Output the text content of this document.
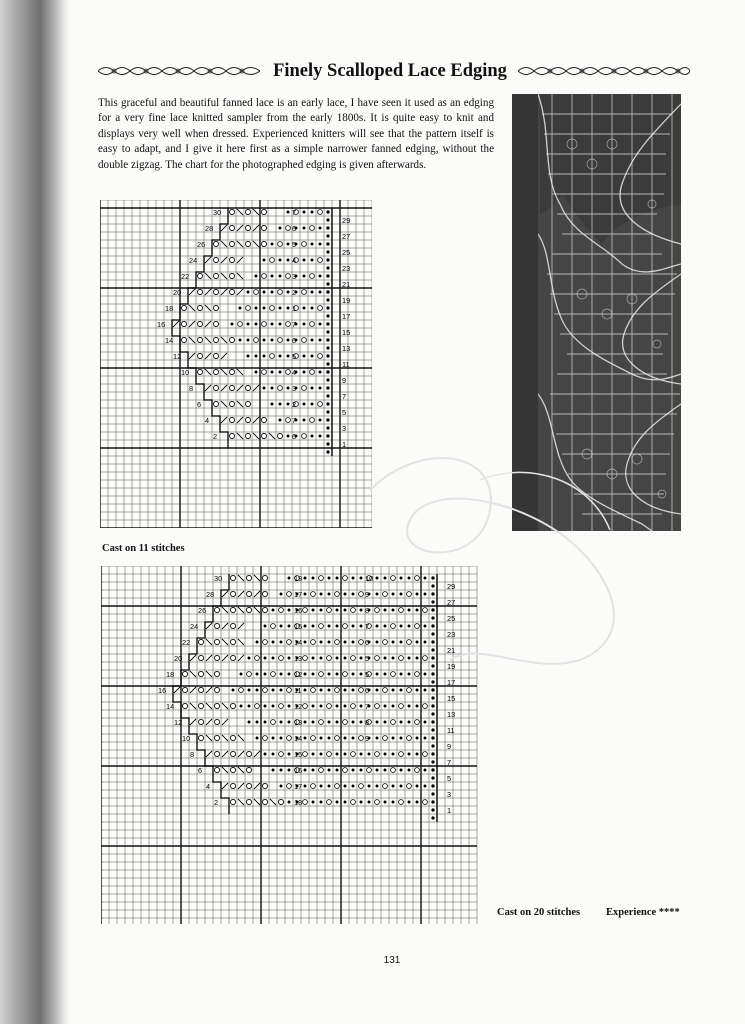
Finely Scalloped Lace Edging
This graceful and beautiful fanned lace is an early lace, I have seen it used as an edging for a very fine lace knitted sampler from the early 1800s. It is quite easy to knit and displays very well when dressed. Experienced knitters will see that the pattern itself is easy to adapt, and I give it here first as a simple narrower fanned edging, without the double zigzag. The chart for the photographed edging is given afterwards.
30
28
26
24
22
20
18
16
14
12
10
8
6
4
2
29
27
25
23
21
19
17
15
13
11
9
7
5
3
1
7
6
5
4
3
2
1
7
6
5
4
3
2
7
6
Cast on 11 stitches
30
28
26
24
22
20
18
16
14
12
10
8
6
4
2
29
27
25
23
21
19
17
15
13
11
9
7
5
3
1
18
17
16
15
14
13
12
11
12
13
14
15
16
17
18
10
9
8
7
6
5
5
6
7
8
9
Cast on 20 stitches Experience ****
131
